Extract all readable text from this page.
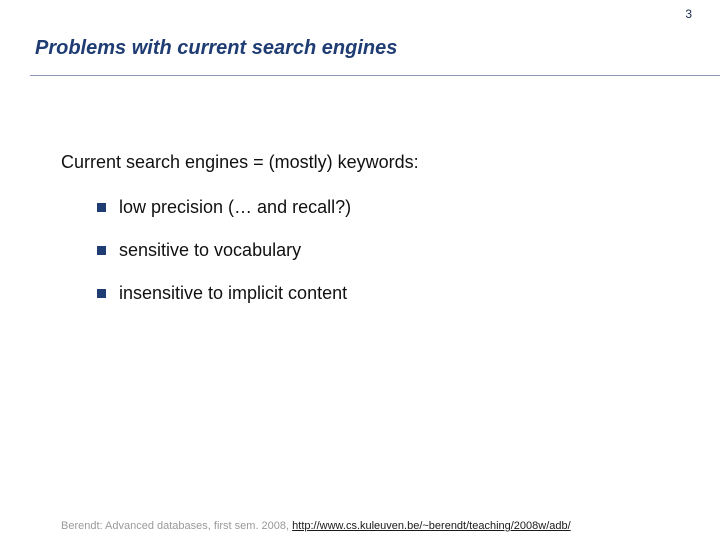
3
Problems with current search engines
Current search engines = (mostly) keywords:
low precision (… and recall?)
sensitive to vocabulary
insensitive to implicit content
Berendt: Advanced databases, first sem. 2008, http://www.cs.kuleuven.be/~berendt/teaching/2008w/adb/
